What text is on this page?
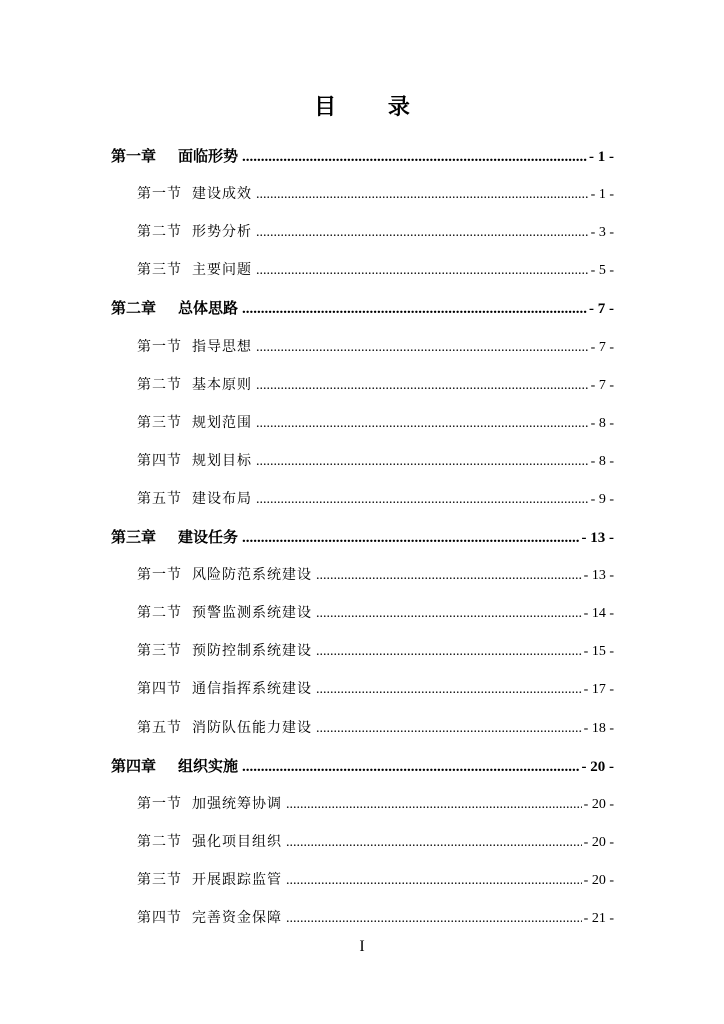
目 录
第一章 面临形势 .....	- 1 -
第一节 建设成效 .....	- 1 -
第二节 形势分析 .....	- 3 -
第三节 主要问题 .....	- 5 -
第二章 总体思路 .....	- 7 -
第一节 指导思想 .....	- 7 -
第二节 基本原则 .....	- 7 -
第三节 规划范围 .....	- 8 -
第四节 规划目标 .....	- 8 -
第五节 建设布局 .....	- 9 -
第三章 建设任务 .....	- 13 -
第一节 风险防范系统建设 .....	- 13 -
第二节 预警监测系统建设 .....	- 14 -
第三节 预防控制系统建设 .....	- 15 -
第四节 通信指挥系统建设 .....	- 17 -
第五节 消防队伍能力建设 .....	- 18 -
第四章 组织实施 .....	- 20 -
第一节 加强统筹协调 .....	- 20 -
第二节 强化项目组织 .....	- 20 -
第三节 开展跟踪监管 .....	- 20 -
第四节 完善资金保障 .....	- 21 -
I
